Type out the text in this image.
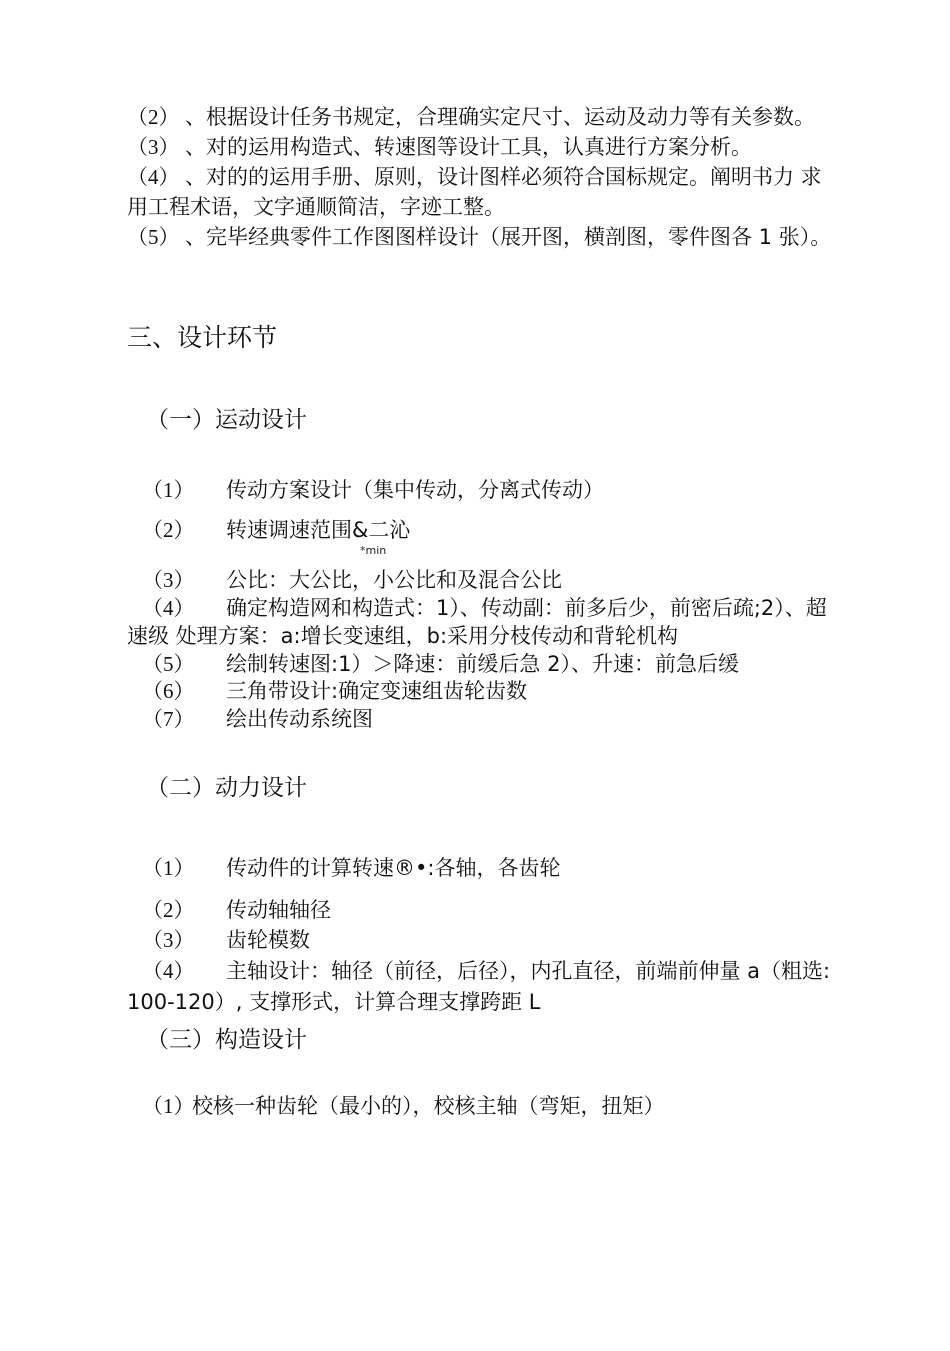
（2） 、根据设计任务书规定，合理确实定尺寸、运动及动力等有关参数。
（3） 、对的运用构造式、转速图等设计工具，认真进行方案分析。
（4） 、对的的运用手册、原则，设计图样必须符合国标规定。阐明书力 求
用工程术语，文字通顺简洁，字迹工整。
（5） 、完毕经典零件工作图图样设计（展开图，横剖图，零件图各 1 张）。
三、设计环节
（一）运动设计
（1） 传动方案设计（集中传动，分离式传动）
（2） 转速调速范围&二沁
*min
（3） 公比：大公比，小公比和及混合公比
（4） 确定构造网和构造式：1）、传动副：前多后少，前密后疏;2）、超
速级 处理方案：a:增长变速组，b:采用分枝传动和背轮机构
（5） 绘制转速图:1）＞降速：前缓后急 2）、升速：前急后缓
（6） 三角带设计:确定变速组齿轮齿数
（7） 绘出传动系统图
（二）动力设计
（1） 传动件的计算转速®•:各轴，各齿轮
（2） 传动轴轴径
（3） 齿轮模数
（4） 主轴设计：轴径（前径，后径），内孔直径，前端前伸量 a（粗选:
100-120）, 支撑形式，计算合理支撑跨距 L
（三）构造设计
（1）校核一种齿轮（最小的），校核主轴（弯矩，扭矩）
